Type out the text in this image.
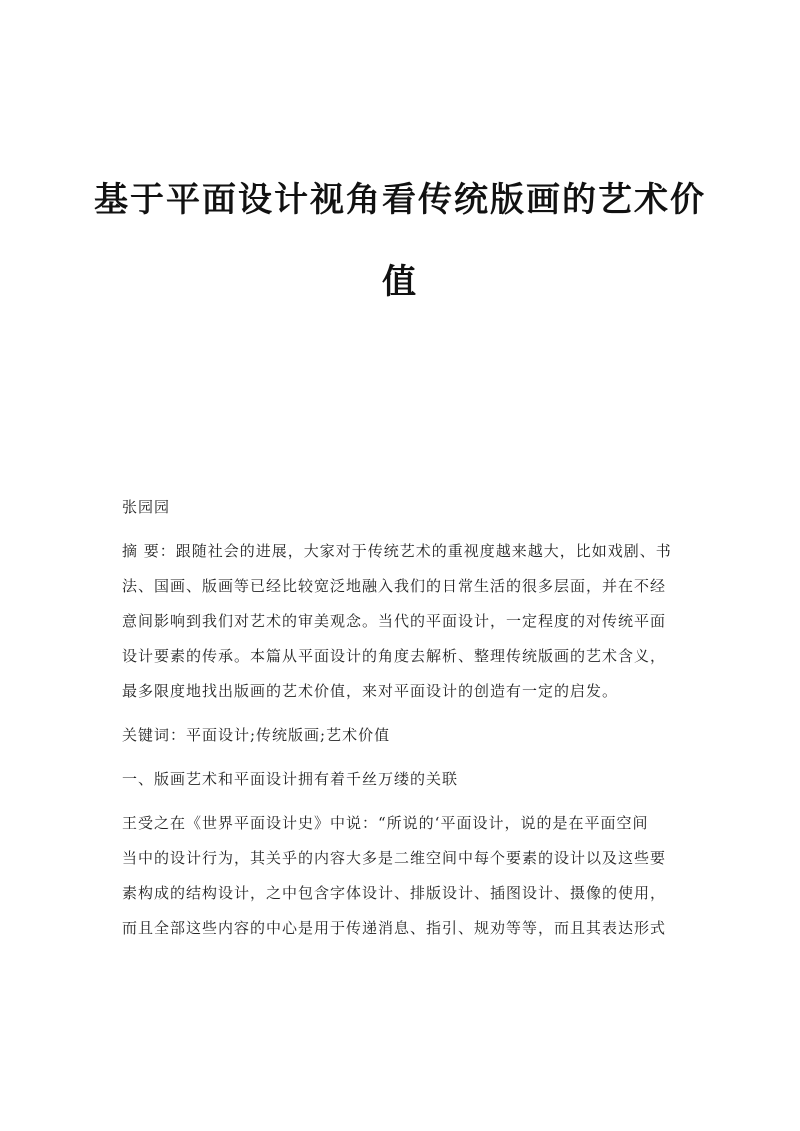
基于平面设计视角看传统版画的艺术价

值

张园园

摘 要：跟随社会的进展，大家对于传统艺术的重视度越来越大，比如戏剧、书

法、国画、版画等已经比较宽泛地融入我们的日常生活的很多层面，并在不经

意间影响到我们对艺术的审美观念。当代的平面设计，一定程度的对传统平面

设计要素的传承。本篇从平面设计的角度去解析、整理传统版画的艺术含义，

最多限度地找出版画的艺术价值，来对平面设计的创造有一定的启发。

关键词：平面设计;传统版画;艺术价值

一、版画艺术和平面设计拥有着千丝万缕的关联

王受之在《世界平面设计史》中说：“所说的‘平面设计，说的是在平面空间

当中的设计行为，其关乎的内容大多是二维空间中每个要素的设计以及这些要

素构成的结构设计，之中包含字体设计、排版设计、插图设计、摄像的使用，

而且全部这些内容的中心是用于传递消息、指引、规劝等等，而且其表达形式
